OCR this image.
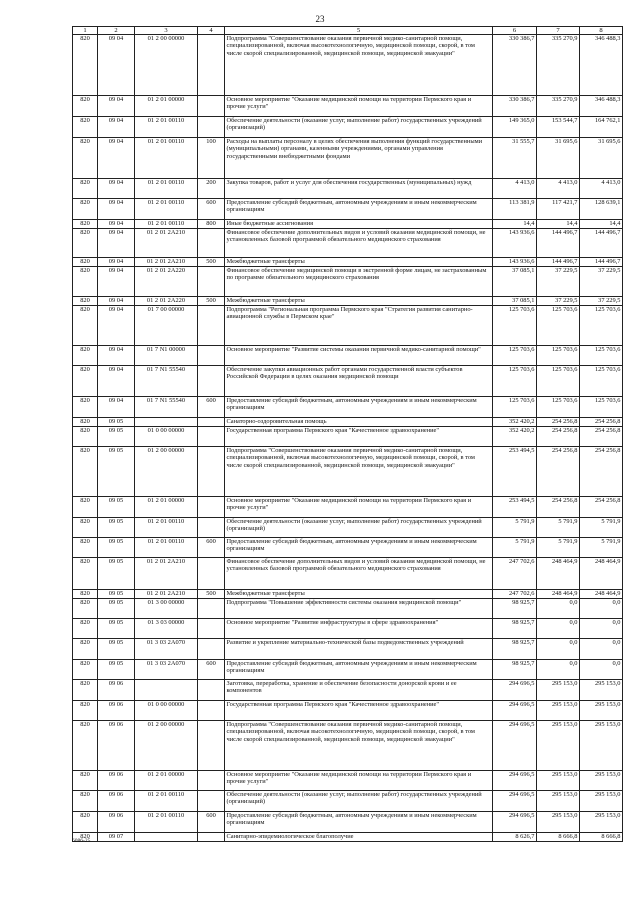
23
1	2	3	4	5	6	7	8
820	09 04	01 2 00 00000		Подпрограмма "Совершенствование оказания первичной медико-санитарной помощи, специализированной, включая высокотехнологичную, медицинской помощи, скорой, в том числе скорой специализированной, медицинской помощи, медицинской эвакуации"	330 386,7	335 270,9	346 488,3
820	09 04	01 2 01 00000		Основное мероприятие "Оказание медицинской помощи на территории Пермского края и прочие услуги"	330 386,7	335 270,9	346 488,3
820	09 04	01 2 01 00110		Обеспечение деятельности (оказание услуг, выполнение работ) государственных учреждений (организаций)	149 365,0	153 544,7	164 762,1
820	09 04	01 2 01 00110	100	Расходы на выплаты персоналу в целях обеспечения выполнения функций государственными (муниципальными) органами, казенными учреждениями, органами управления государственными внебюджетными фондами	31 555,7	31 695,6	31 695,6
820	09 04	01 2 01 00110	200	Закупка товаров, работ и услуг для обеспечения государственных (муниципальных) нужд	4 413,0	4 413,0	4 413,0
820	09 04	01 2 01 00110	600	Предоставление субсидий бюджетным, автономным учреждениям и иным некоммерческим организациям	113 381,9	117 421,7	128 639,1
820	09 04	01 2 01 00110	800	Иные бюджетные ассигнования	14,4	14,4	14,4
820	09 04	01 2 01 2A210		Финансовое обеспечение дополнительных видов и условий оказания медицинской помощи, не установленных базовой программой обязательного медицинского страхования	143 936,6	144 496,7	144 496,7
820	09 04	01 2 01 2A210	500	Межбюджетные трансферты	143 936,6	144 496,7	144 496,7
820	09 04	01 2 01 2A220		Финансовое обеспечение медицинской помощи в экстренной форме лицам, не застрахованным по программе обязательного медицинского страхования	37 085,1	37 229,5	37 229,5
820	09 04	01 2 01 2A220	500	Межбюджетные трансферты	37 085,1	37 229,5	37 229,5
820	09 04	01 7 00 00000		Подпрограмма "Региональная программа Пермского края "Стратегия развития санитарно-авиационной службы в Пермском крае"	125 703,6	125 703,6	125 703,6
820	09 04	01 7 N1 00000		Основное мероприятие "Развитие системы оказания первичной медико-санитарной помощи"	125 703,6	125 703,6	125 703,6
820	09 04	01 7 N1 55540		Обеспечение закупки авиационных работ органами государственной власти субъектов Российской Федерации в целях оказания медицинской помощи	125 703,6	125 703,6	125 703,6
820	09 04	01 7 N1 55540	600	Предоставление субсидий бюджетным, автономным учреждениям и иным некоммерческим организациям	125 703,6	125 703,6	125 703,6
820	09 05			Санаторно-оздоровительная помощь	352 420,2	254 256,8	254 256,8
820	09 05	01 0 00 00000		Государственная программа Пермского края "Качественное здравоохранение"	352 420,2	254 256,8	254 256,8
820	09 05	01 2 00 00000		Подпрограмма "Совершенствование оказания первичной медико-санитарной помощи, специализированной, включая высокотехнологичную, медицинской помощи, скорой, в том числе скорой специализированной, медицинской помощи, медицинской эвакуации"	253 494,5	254 256,8	254 256,8
820	09 05	01 2 01 00000		Основное мероприятие "Оказание медицинской помощи на территории Пермского края и прочие услуги"	253 494,5	254 256,8	254 256,8
820	09 05	01 2 01 00110		Обеспечение деятельности (оказание услуг, выполнение работ) государственных учреждений (организаций)	5 791,9	5 791,9	5 791,9
820	09 05	01 2 01 00110	600	Предоставление субсидий бюджетным, автономным учреждениям и иным некоммерческим организациям	5 791,9	5 791,9	5 791,9
820	09 05	01 2 01 2A210		Финансовое обеспечение дополнительных видов и условий оказания медицинской помощи, не установленных базовой программой обязательного медицинского страхования	247 702,6	248 464,9	248 464,9
820	09 05	01 2 01 2A210	500	Межбюджетные трансферты	247 702,6	248 464,9	248 464,9
820	09 05	01 3 00 00000		Подпрограмма "Повышение эффективности системы оказания медицинской помощи"	98 925,7	0,0	0,0
820	09 05	01 3 03 00000		Основное мероприятие "Развитие инфраструктуры в сфере здравоохранения"	98 925,7	0,0	0,0
820	09 05	01 3 03 2A070		Развитие и укрепление материально-технической базы подведомственных учреждений	98 925,7	0,0	0,0
820	09 05	01 3 03 2A070	600	Предоставление субсидий бюджетным, автономным учреждениям и иным некоммерческим организациям	98 925,7	0,0	0,0
820	09 06			Заготовка, переработка, хранение и обеспечение безопасности донорской крови и ее компонентов	294 696,5	295 153,0	295 153,0
820	09 06	01 0 00 00000		Государственная программа Пермского края "Качественное здравоохранение"	294 696,5	295 153,0	295 153,0
820	09 06	01 2 00 00000		Подпрограмма "Совершенствование оказания первичной медико-санитарной помощи, специализированной, включая высокотехнологичную, медицинской помощи, скорой, в том числе скорой специализированной, медицинской помощи, медицинской эвакуации"	294 696,5	295 153,0	295 153,0
820	09 06	01 2 01 00000		Основное мероприятие "Оказание медицинской помощи на территории Пермского края и прочие услуги"	294 696,5	295 153,0	295 153,0
820	09 06	01 2 01 00110		Обеспечение деятельности (оказание услуг, выполнение работ) государственных учреждений (организаций)	294 696,5	295 153,0	295 153,0
820	09 06	01 2 01 00110	600	Предоставление субсидий бюджетным, автономным учреждениям и иным некоммерческим организациям	294 696,5	295 153,0	295 153,0
820	09 07			Санитарно-эпидемиологическое благополучие	8 626,7	8 666,8	8 666,8
6086-25
